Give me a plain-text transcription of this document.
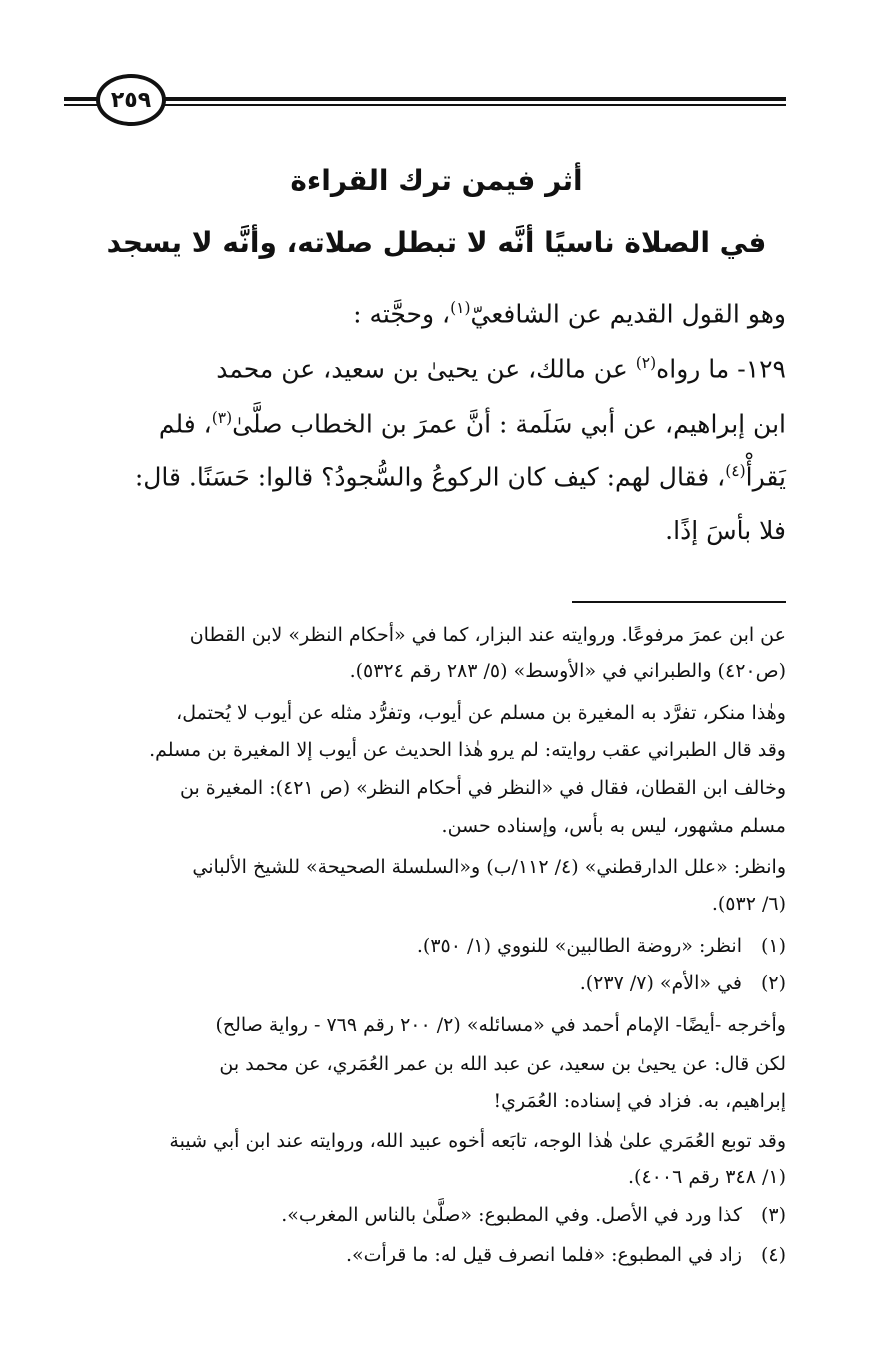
٢٥٩
أثر فيمن ترك القراءة
في الصلاة ناسيًا أنَّه لا تبطل صلاته، وأنَّه لا يسجد
وهو القول القديم عن الشافعيّ$^{(١)}$، وحجَّته :
١٢٩- ما رواه$^{(٢)}$ عن مالك، عن يحيىٰ بن سعيد، عن محمد
ابن إبراهيم، عن أبي سَلَمة : أنَّ عمرَ بن الخطاب صلَّىٰ$^{(٣)}$، فلم
يَقرأْ$^{(٤)}$، فقال لهم: كيف كان الركوعُ والسُّجودُ؟ قالوا: حَسَنًا. قال:
فلا بأسَ إذًا.
عن ابن عمرَ مرفوعًا. وروايته عند البزار، كما في «أحكام النظر» لابن القطان
(ص٤٢٠) والطبراني في «الأوسط» (٥/ ٢٨٣ رقم ٥٣٢٤).
وهٰذا منكر، تفرَّد به المغيرة بن مسلم عن أيوب، وتفرُّد مثله عن أيوب لا يُحتمل،
وقد قال الطبراني عقب روايته: لم يرو هٰذا الحديث عن أيوب إلا المغيرة بن مسلم.
وخالف ابن القطان، فقال في «النظر في أحكام النظر» (ص ٤٢١): المغيرة بن
مسلم مشهور، ليس به بأس، وإسناده حسن.
وانظر: «علل الدارقطني» (٤/ ١١٢/ب) و«السلسلة الصحيحة» للشيخ الألباني
(٦/ ٥٣٢).
(١)
انظر: «روضة الطالبين» للنووي (١/ ٣٥٠).
(٢)
في «الأم» (٧/ ٢٣٧).
وأخرجه -أيضًا- الإمام أحمد في «مسائله» (٢/ ٢٠٠ رقم ٧٦٩ - رواية صالح)
لكن قال: عن يحيىٰ بن سعيد، عن عبد الله بن عمر العُمَري، عن محمد بن
إبراهيم، به. فزاد في إسناده: العُمَري!
وقد توبع العُمَري علىٰ هٰذا الوجه، تابَعه أخوه عبيد الله، وروايته عند ابن أبي شيبة
(١/ ٣٤٨ رقم ٤٠٠٦).
(٣)
كذا ورد في الأصل. وفي المطبوع: «صلَّىٰ بالناس المغرب».
(٤)
زاد في المطبوع: «فلما انصرف قيل له: ما قرأت».
